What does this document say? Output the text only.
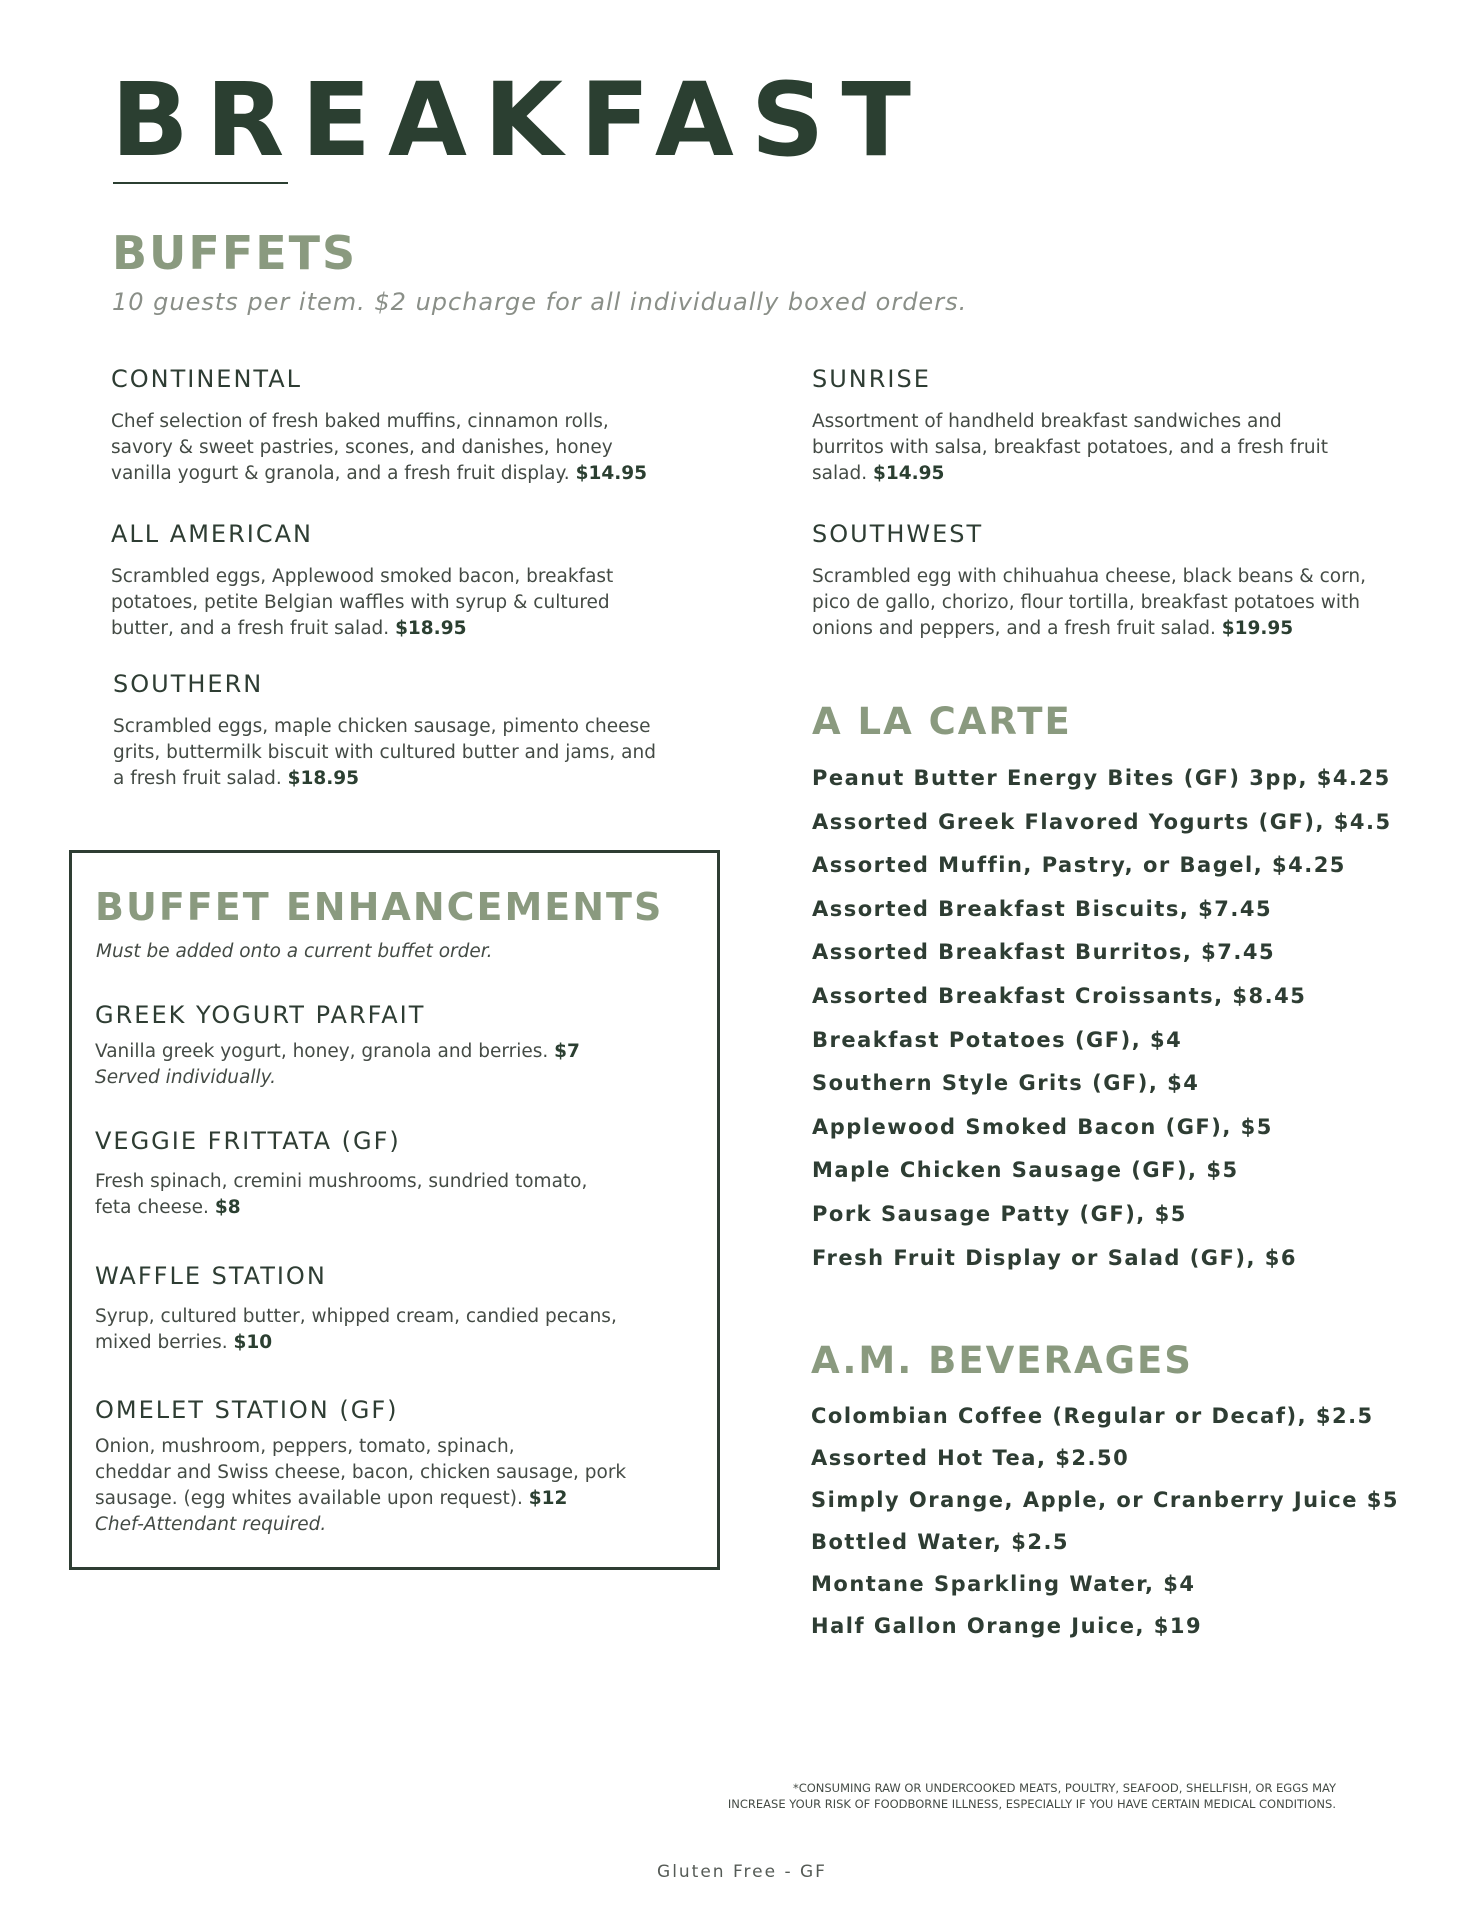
BREAKFAST
BUFFETS
10 guests per item. $2 upcharge for all individually boxed orders.
CONTINENTAL
Chef selection of fresh baked muffins, cinnamon rolls,
savory & sweet pastries, scones, and danishes, honey
vanilla yogurt & granola, and a fresh fruit display. $14.95
ALL AMERICAN
Scrambled eggs, Applewood smoked bacon, breakfast
potatoes, petite Belgian waffles with syrup & cultured
butter, and a fresh fruit salad. $18.95
SOUTHERN
Scrambled eggs, maple chicken sausage, pimento cheese
grits, buttermilk biscuit with cultured butter and jams, and
a fresh fruit salad. $18.95
SUNRISE
Assortment of handheld breakfast sandwiches and
burritos with salsa, breakfast potatoes, and a fresh fruit
salad. $14.95
SOUTHWEST
Scrambled egg with chihuahua cheese, black beans & corn,
pico de gallo, chorizo, flour tortilla, breakfast potatoes with
onions and peppers, and a fresh fruit salad. $19.95
BUFFET ENHANCEMENTS
Must be added onto a current buffet order.
GREEK YOGURT PARFAIT
Vanilla greek yogurt, honey, granola and berries. $7
Served individually.
VEGGIE FRITTATA (GF)
Fresh spinach, cremini mushrooms, sundried tomato,
feta cheese. $8
WAFFLE STATION
Syrup, cultured butter, whipped cream, candied pecans,
mixed berries. $10
OMELET STATION (GF)
Onion, mushroom, peppers, tomato, spinach,
cheddar and Swiss cheese, bacon, chicken sausage, pork
sausage. (egg whites available upon request). $12
Chef-Attendant required.
A LA CARTE
Peanut Butter Energy Bites (GF) 3pp, $4.25
Assorted Greek Flavored Yogurts (GF), $4.5
Assorted Muffin, Pastry, or Bagel, $4.25
Assorted Breakfast Biscuits, $7.45
Assorted Breakfast Burritos, $7.45
Assorted Breakfast Croissants, $8.45
Breakfast Potatoes (GF), $4
Southern Style Grits (GF), $4
Applewood Smoked Bacon (GF), $5
Maple Chicken Sausage (GF), $5
Pork Sausage Patty (GF), $5
Fresh Fruit Display or Salad (GF), $6
A.M. BEVERAGES
Colombian Coffee (Regular or Decaf), $2.5
Assorted Hot Tea, $2.50
Simply Orange, Apple, or Cranberry Juice $5
Bottled Water, $2.5
Montane Sparkling Water, $4
Half Gallon Orange Juice, $19
*CONSUMING RAW OR UNDERCOOKED MEATS, POULTRY, SEAFOOD, SHELLFISH, OR EGGS MAY
INCREASE YOUR RISK OF FOODBORNE ILLNESS, ESPECIALLY IF YOU HAVE CERTAIN MEDICAL CONDITIONS.
Gluten Free - GF
